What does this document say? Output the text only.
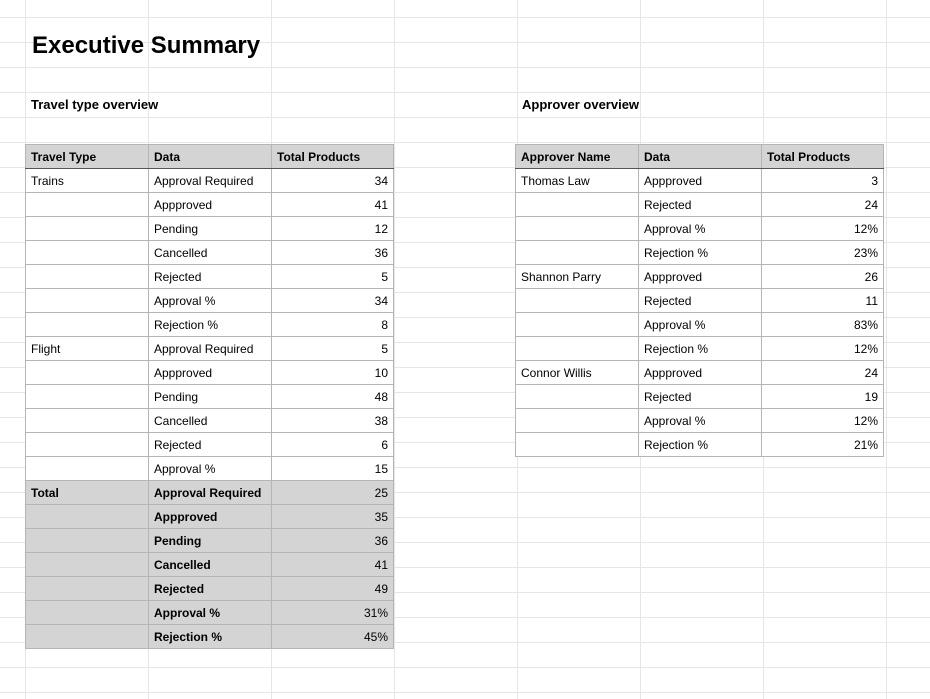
Executive Summary
Travel type overview
Travel Type	Data	Total Products
Trains	Approval Required	34
	Appproved	41
	Pending	12
	Cancelled	36
	Rejected	5
	Approval %	34
	Rejection %	8
Flight	Approval Required	5
	Appproved	10
	Pending	48
	Cancelled	38
	Rejected	6
	Approval %	15
Total	Approval Required	25
	Appproved	35
	Pending	36
	Cancelled	41
	Rejected	49
	Approval %	31%
	Rejection %	45%
Approver overview
Approver Name	Data	Total Products
Thomas Law	Appproved	3
	Rejected	24
	Approval %	12%
	Rejection %	23%
Shannon Parry	Appproved	26
	Rejected	11
	Approval %	83%
	Rejection %	12%
Connor Willis	Appproved	24
	Rejected	19
	Approval %	12%
	Rejection %	21%
